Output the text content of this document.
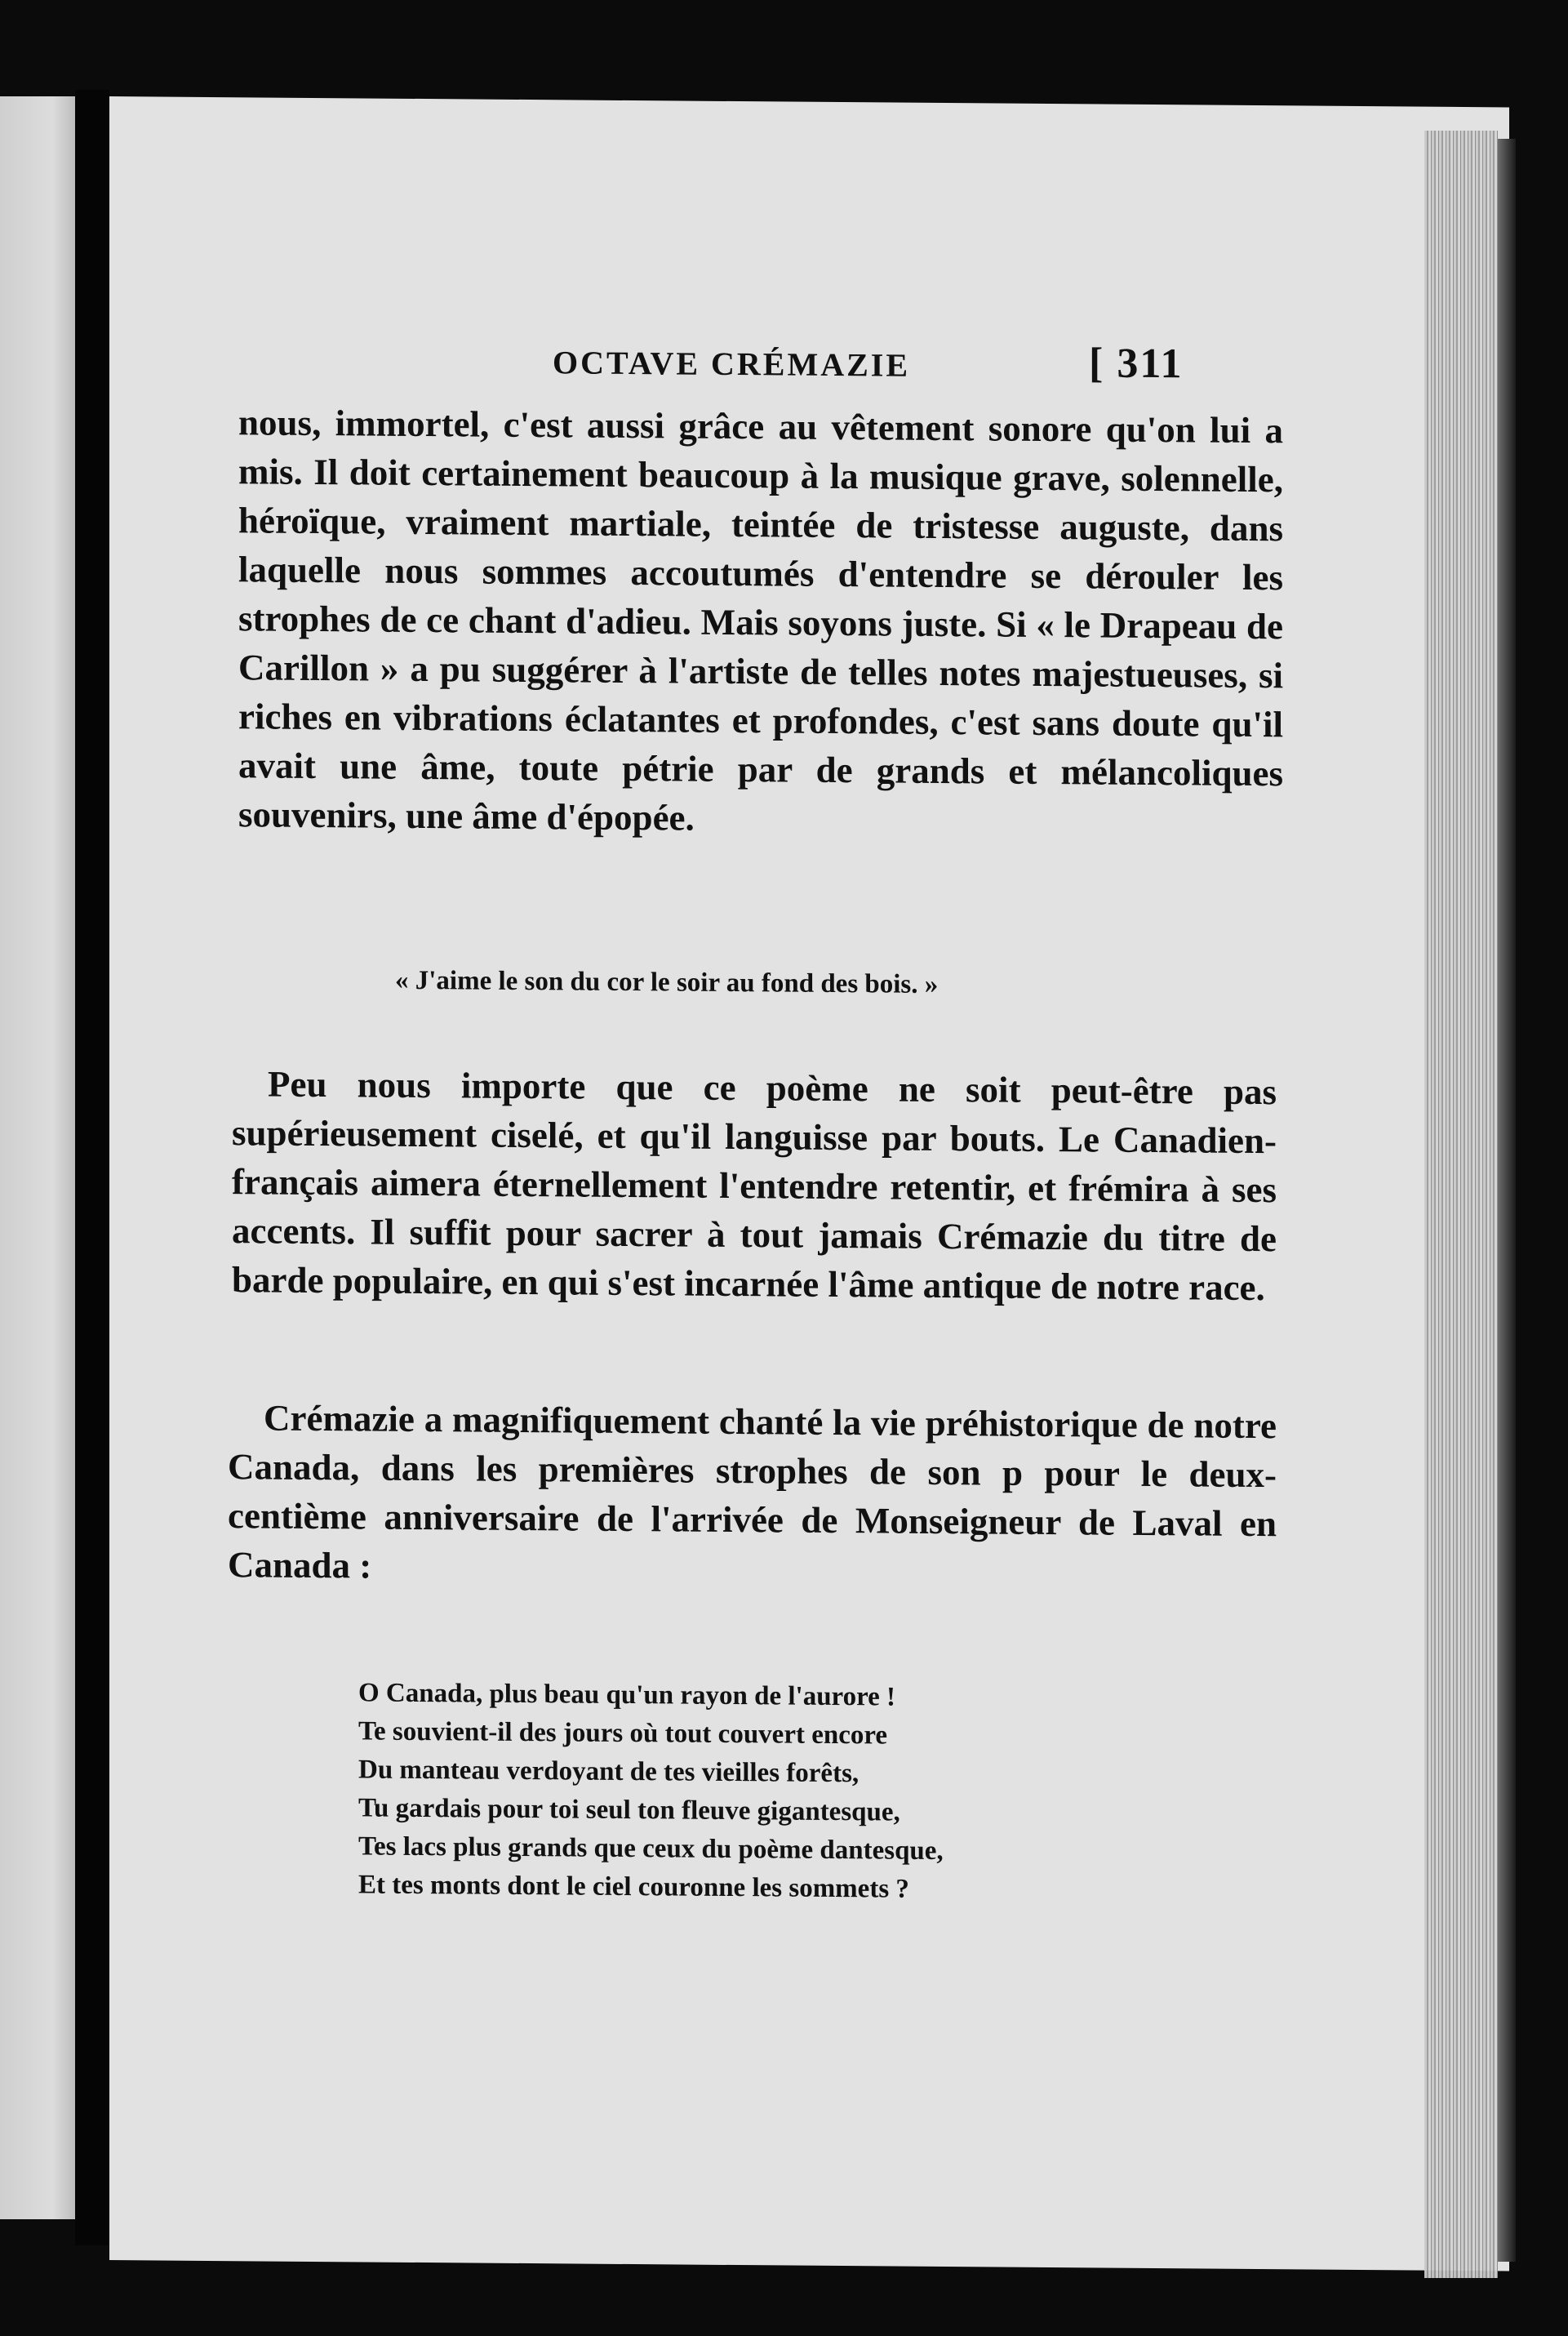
OCTAVE CRÉMAZIE	[ 311

nous, immortel, c'est aussi grâce au vêtement sonore qu'on lui a mis. Il doit certainement beaucoup à la musique grave, solennelle, héroïque, vraiment martiale, teintée de tristesse auguste, dans laquelle nous sommes accoutumés d'entendre se dérouler les strophes de ce chant d'adieu. Mais soyons juste. Si « le Drapeau de Carillon » a pu suggérer à l'artiste de telles notes majestueuses, si riches en vibrations éclatantes et profondes, c'est sans doute qu'il avait une âme, toute pétrie par de grands et mélancoliques souvenirs, une âme d'épopée.

« J'aime le son du cor le soir au fond des bois. »

Peu nous importe que ce poème ne soit peut-être pas supérieusement ciselé, et qu'il languisse par bouts. Le Canadien-français aimera éternellement l'entendre retentir, et frémira à ses accents. Il suffit pour sacrer à tout jamais Crémazie du titre de barde populaire, en qui s'est incarnée l'âme antique de notre race.

Crémazie a magnifiquement chanté la vie préhistorique de notre Canada, dans les premières strophes de son p pour le deux-centième anniversaire de l'arrivée de Monseigneur de Laval en Canada :

O Canada, plus beau qu'un rayon de l'aurore !
Te souvient-il des jours où tout couvert encore
Du manteau verdoyant de tes vieilles forêts,
Tu gardais pour toi seul ton fleuve gigantesque,
Tes lacs plus grands que ceux du poème dantesque,
Et tes monts dont le ciel couronne les sommets ?
